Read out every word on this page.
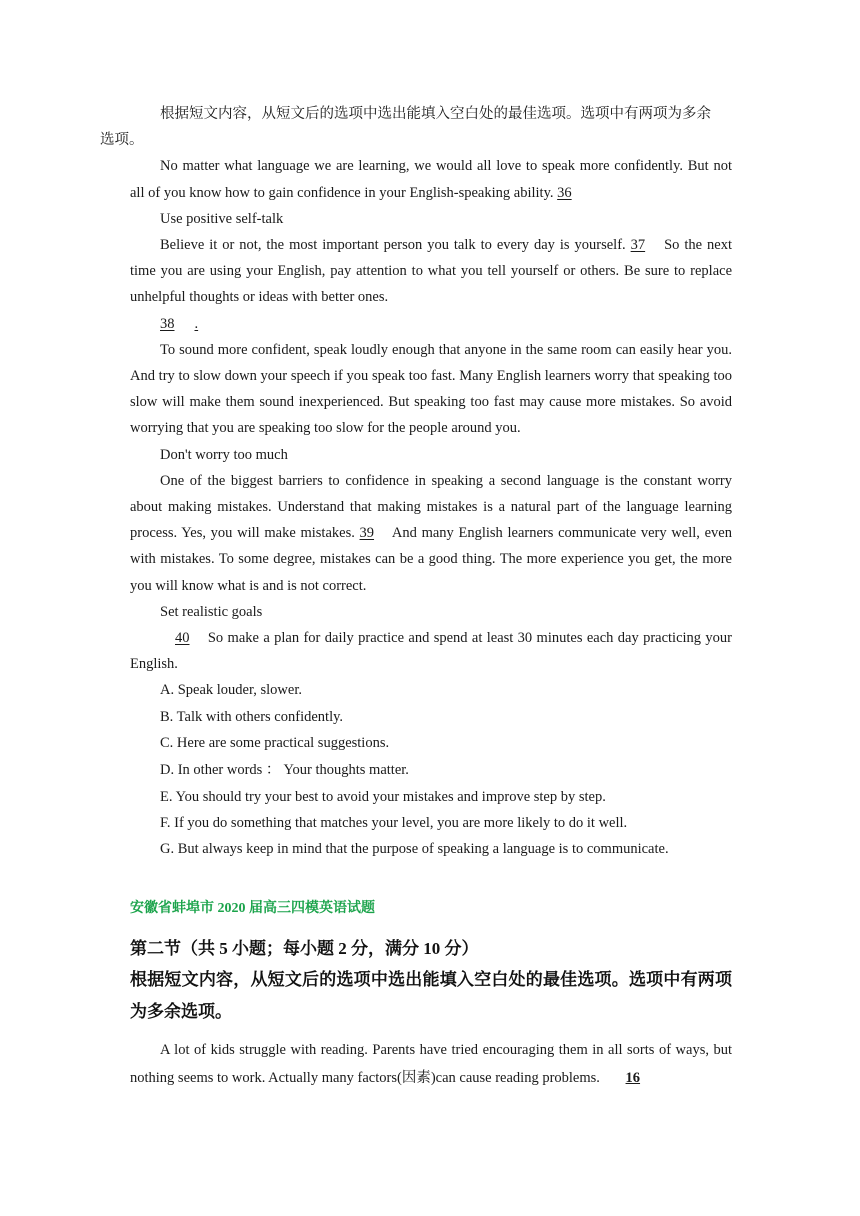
根据短文内容，从短文后的选项中选出能填入空白处的最佳选项。选项中有两项为多余
选项。

No matter what language we are learning, we would all love to speak more confidently. But not all of you know how to gain confidence in your English-speaking ability. 36

Use positive self-talk

Believe it or not, the most important person you talk to every day is yourself. 37 So the next time you are using your English, pay attention to what you tell yourself or others. Be sure to replace unhelpful thoughts or ideas with better ones.

38 .

To sound more confident, speak loudly enough that anyone in the same room can easily hear you. And try to slow down your speech if you speak too fast. Many English learners worry that speaking too slow will make them sound inexperienced. But speaking too fast may cause more mistakes. So avoid worrying that you are speaking too slow for the people around you.

Don't worry too much

One of the biggest barriers to confidence in speaking a second language is the constant worry about making mistakes. Understand that making mistakes is a natural part of the language learning process. Yes, you will make mistakes. 39 And many English learners communicate very well, even with mistakes. To some degree, mistakes can be a good thing. The more experience you get, the more you will know what is and is not correct.

Set realistic goals

40 So make a plan for daily practice and spend at least 30 minutes each day practicing your English.

A. Speak louder, slower.

B. Talk with others confidently.

C. Here are some practical suggestions.

D. In other words ： Your thoughts matter.

E. You should try your best to avoid your mistakes and improve step by step.

F. If you do something that matches your level, you are more likely to do it well.

G. But always keep in mind that the purpose of speaking a language is to communicate.

安徽省蚌埠市 2020 届高三四模英语试题
第二节（共 5 小题；每小题 2 分，满分 10 分）
根据短文内容，从短文后的选项中选出能填入空白处的最佳选项。选项中有两项为多余选项。

A lot of kids struggle with reading. Parents have tried encouraging them in all sorts of ways, but nothing seems to work. Actually many factors(因素)can cause reading problems. 16
